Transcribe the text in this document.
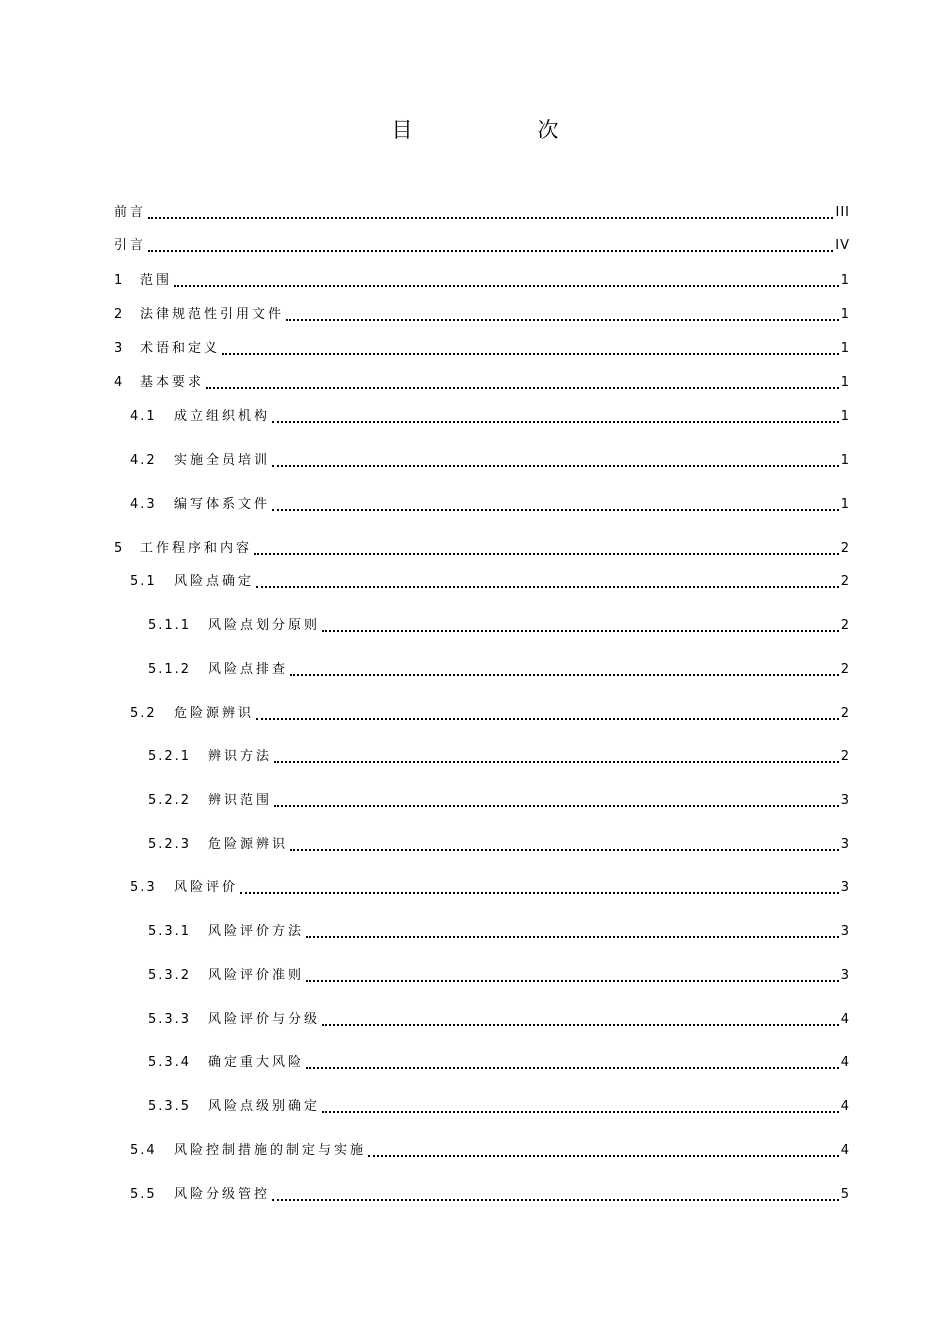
目　次
前言	III
引言	IV
1	范围	1
2	法律规范性引用文件	1
3	术语和定义	1
4	基本要求	1
4.1	成立组织机构	1
4.2	实施全员培训	1
4.3	编写体系文件	1
5	工作程序和内容	2
5.1	风险点确定	2
5.1.1	风险点划分原则	2
5.1.2	风险点排查	2
5.2	危险源辨识	2
5.2.1	辨识方法	2
5.2.2	辨识范围	3
5.2.3	危险源辨识	3
5.3	风险评价	3
5.3.1	风险评价方法	3
5.3.2	风险评价准则	3
5.3.3	风险评价与分级	4
5.3.4	确定重大风险	4
5.3.5	风险点级别确定	4
5.4	风险控制措施的制定与实施	4
5.5	风险分级管控	5
